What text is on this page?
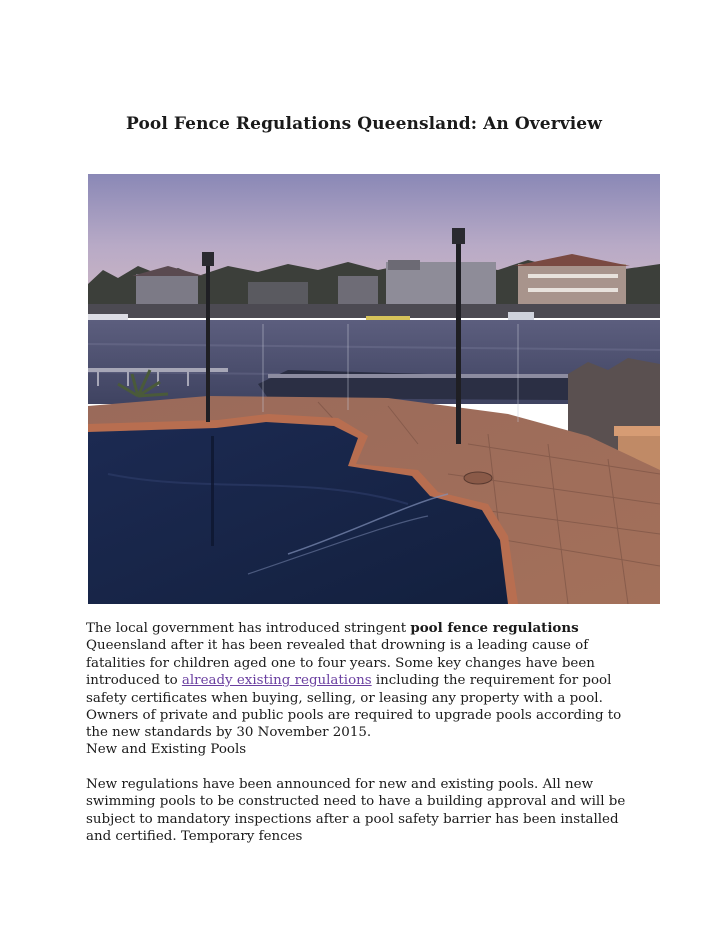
Pool Fence Regulations Queensland: An Overview

The local government has introduced stringent pool fence regulations Queensland after it has been revealed that drowning is a leading cause of fatalities for children aged one to four years. Some key changes have been introduced to already existing regulations including the requirement for pool safety certificates when buying, selling, or leasing any property with a pool. Owners of private and public pools are required to upgrade pools according to the new standards by 30 November 2015.

New and Existing Pools

New regulations have been announced for new and existing pools. All new swimming pools to be constructed need to have a building approval and will be subject to mandatory inspections after a pool safety barrier has been installed and certified. Temporary fences
